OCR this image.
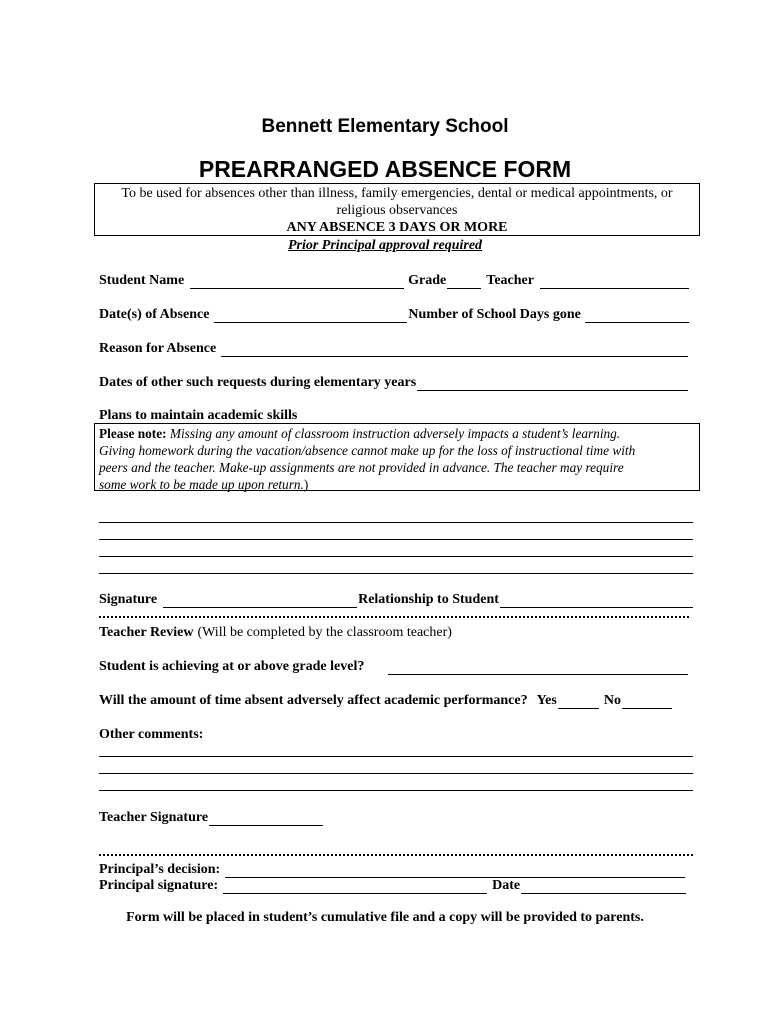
Bennett Elementary School
PREARRANGED ABSENCE FORM
To be used for absences other than illness, family emergencies, dental or medical appointments, or
religious observances
ANY ABSENCE 3 DAYS OR MORE
Prior Principal approval required
Student Name	Grade	Teacher
Date(s) of Absence	Number of School Days gone
Reason for Absence
Dates of other such requests during elementary years
Plans to maintain academic skills
Please note: Missing any amount of classroom instruction adversely impacts a student’s learning.
Giving homework during the vacation/absence cannot make up for the loss of instructional time with
peers and the teacher. Make-up assignments are not provided in advance. The teacher may require
some work to be made up upon return.)
Signature	Relationship to Student
Teacher Review (Will be completed by the classroom teacher)
Student is achieving at or above grade level?
Will the amount of time absent adversely affect academic performance? Yes	No
Other comments:
Teacher Signature
Principal’s decision:
Principal signature:	Date
Form will be placed in student’s cumulative file and a copy will be provided to parents.
